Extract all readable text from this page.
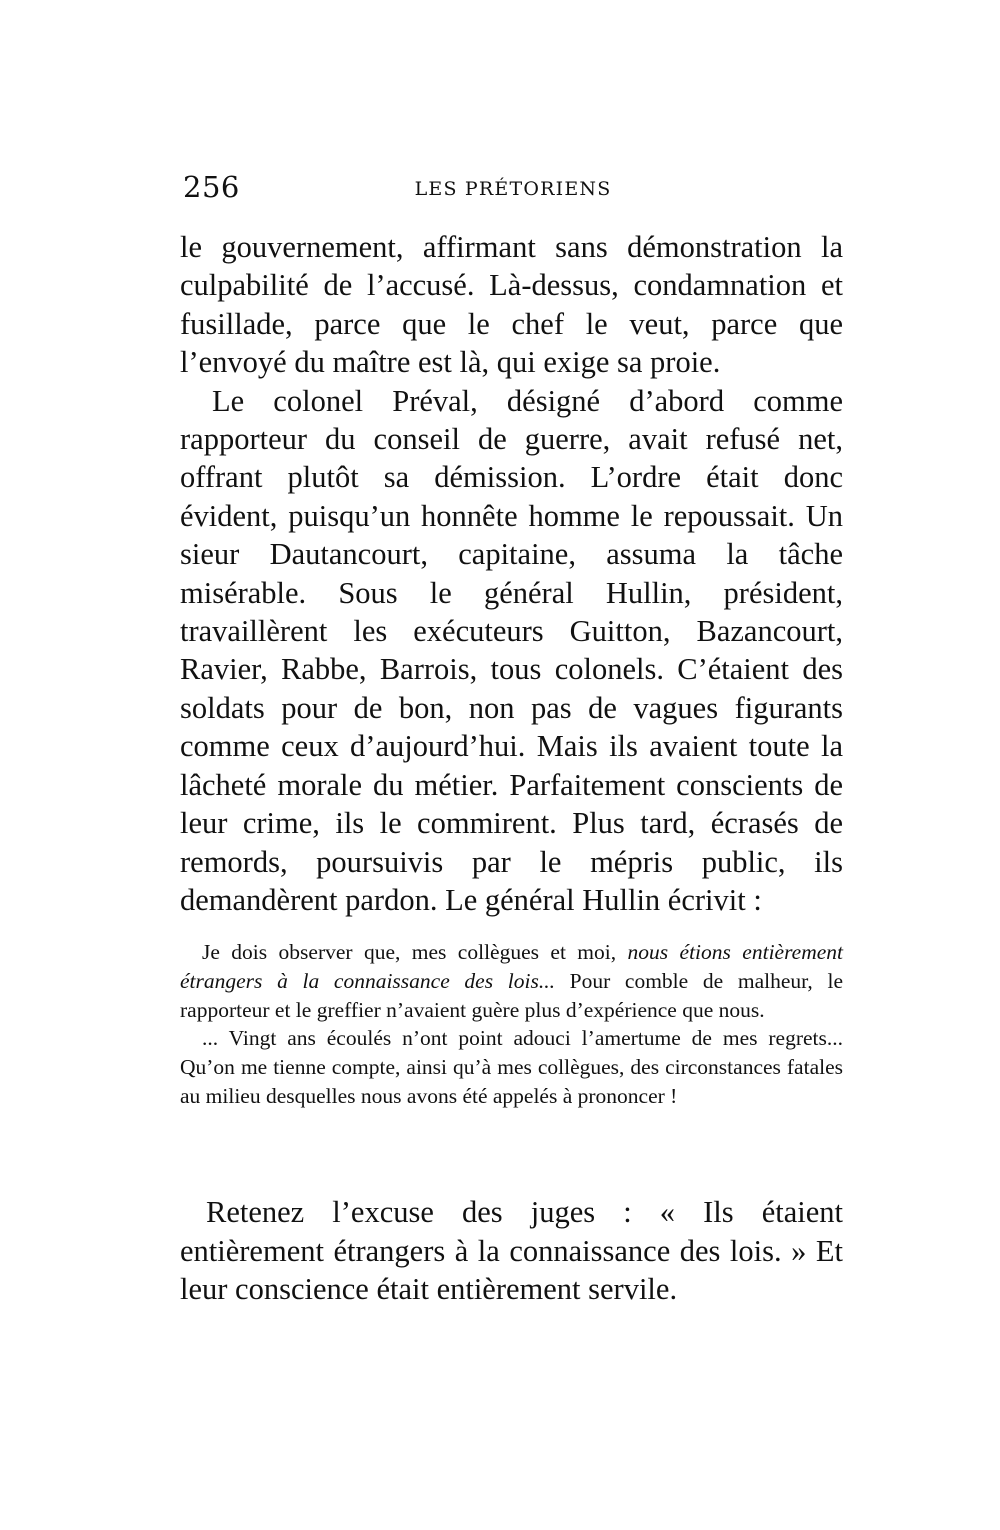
256	LES PRÉTORIENS

le gouvernement, affirmant sans démonstration la culpabilité de l’accusé. Là-dessus, condamnation et fusillade, parce que le chef le veut, parce que l’envoyé du maître est là, qui exige sa proie.

Le colonel Préval, désigné d’abord comme rapporteur du conseil de guerre, avait refusé net, offrant plutôt sa démission. L’ordre était donc évident, puisqu’un honnête homme le repoussait. Un sieur Dautancourt, capitaine, assuma la tâche misérable. Sous le général Hullin, président, travaillèrent les exécuteurs Guitton, Bazancourt, Ravier, Rabbe, Barrois, tous colonels. C’étaient des soldats pour de bon, non pas de vagues figurants comme ceux d’aujourd’hui. Mais ils avaient toute la lâcheté morale du métier. Parfaitement conscients de leur crime, ils le commirent. Plus tard, écrasés de remords, poursuivis par le mépris public, ils demandèrent pardon. Le général Hullin écrivit :

Je dois observer que, mes collègues et moi, nous étions entièrement étrangers à la connaissance des lois... Pour comble de malheur, le rapporteur et le greffier n’avaient guère plus d’expérience que nous.

... Vingt ans écoulés n’ont point adouci l’amertume de mes regrets... Qu’on me tienne compte, ainsi qu’à mes collègues, des circonstances fatales au milieu desquelles nous avons été appelés à prononcer !

Retenez l’excuse des juges : « Ils étaient entièrement étrangers à la connaissance des lois. » Et leur conscience était entièrement servile.
